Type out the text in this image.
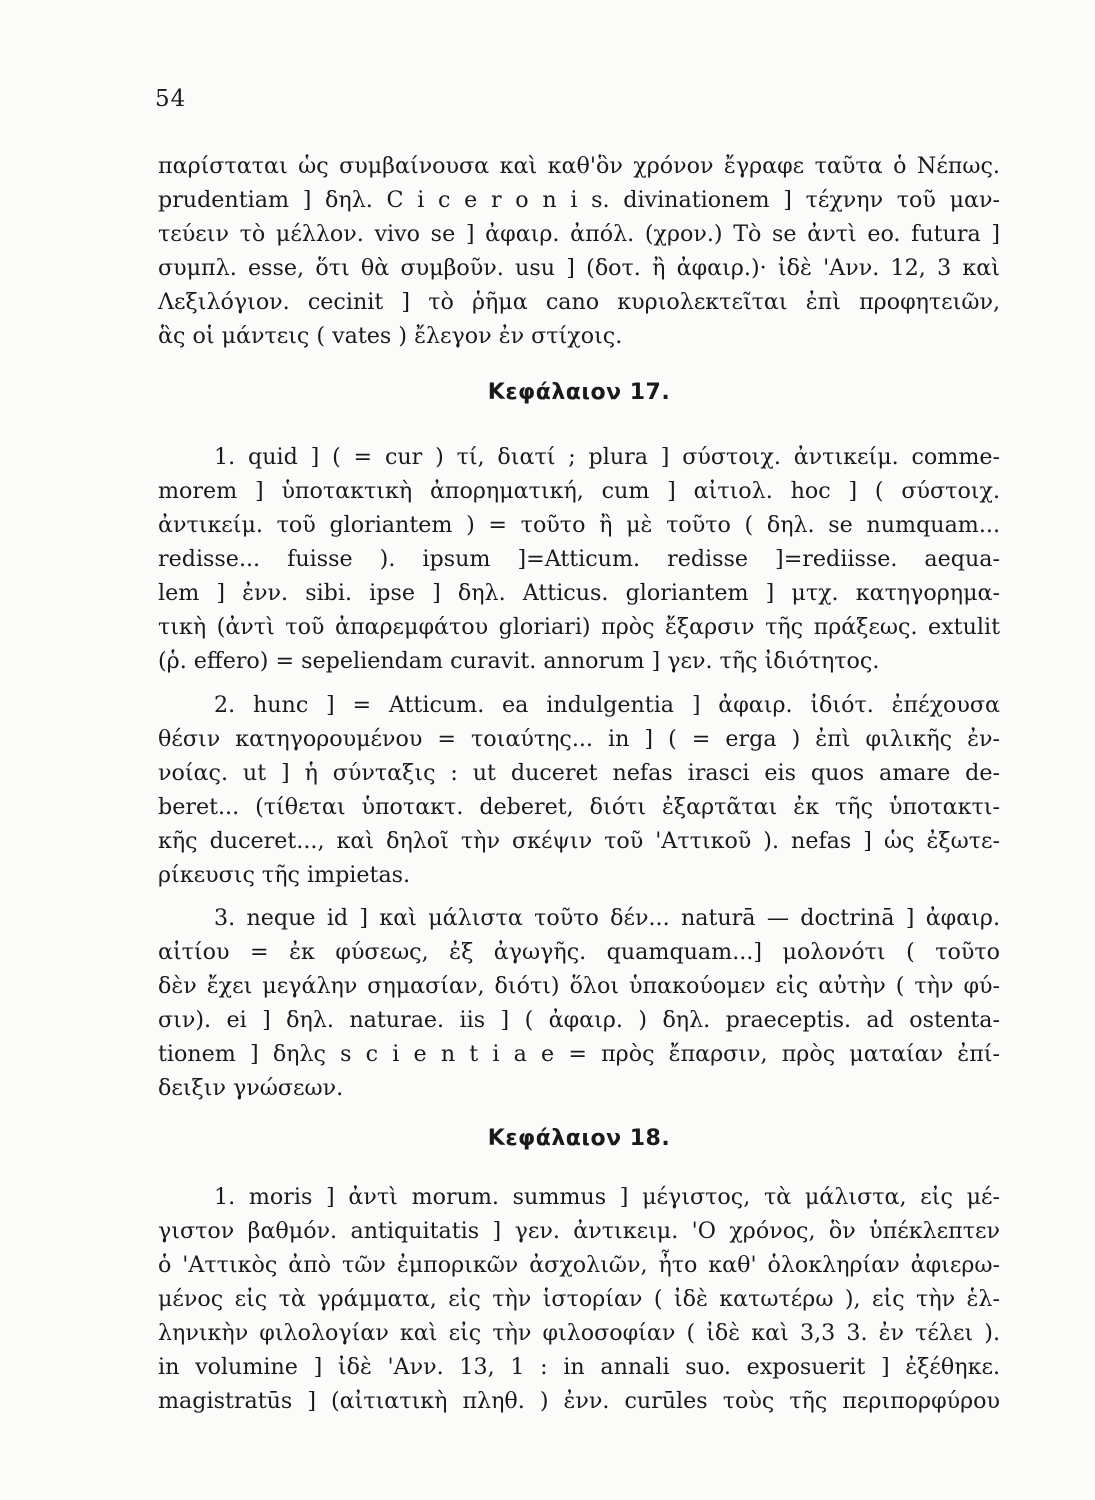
54
παρίσταται ὡς συμβαίνουσα καὶ καθ'ὃν χρόνον ἔγραφε ταῦτα ὁ Νέπως.
prudentiam ] δηλ. C i c e r o n i s. divinationem ] τέχνην τοῦ μαν-
τεύειν τὸ μέλλον. vivo se ] ἀφαιρ. ἀπόλ. (χρον.) Τὸ se ἀντὶ eo. futura ]
συμπλ. esse, ὅτι θὰ συμβοῦν. usu ] (δοτ. ἢ ἀφαιρ.)· ἰδὲ 'Ανν. 12, 3 καὶ
Λεξιλόγιον. cecinit ] τὸ ῥῆμα cano κυριολεκτεῖται ἐπὶ προφητειῶν,
ἃς οἱ μάντεις ( vates ) ἔλεγον ἐν στίχοις.
Κεφάλαιον 17.
1. quid ] ( = cur ) τί, διατί ; plura ] σύστοιχ. ἀντικείμ. comme-
morem ] ὑποτακτικὴ ἀπορηματική, cum ] αἰτιολ. hoc ] ( σύστοιχ.
ἀντικείμ. τοῦ gloriantem ) = τοῦτο ἢ μὲ τοῦτο ( δηλ. se numquam...
redisse... fuisse ). ipsum ]=Atticum. redisse ]=rediisse. aequa-
lem ] ἐνν. sibi. ipse ] δηλ. Atticus. gloriantem ] μτχ. κατηγορημα-
τικὴ (ἀντὶ τοῦ ἀπαρεμφάτου gloriari) πρὸς ἔξαρσιν τῆς πράξεως. extulit
(ῥ. effero) = sepeliendam curavit. annorum ] γεν. τῆς ἰδιότητος.
2. hunc ] = Atticum. ea indulgentia ] ἀφαιρ. ἰδιότ. ἐπέχουσα
θέσιν κατηγορουμένου = τοιαύτης... in ] ( = erga ) ἐπὶ φιλικῆς ἐν-
νοίας. ut ] ἡ σύνταξις : ut duceret nefas irasci eis quos amare de-
beret... (τίθεται ὑποτακτ. deberet, διότι ἐξαρτᾶται ἐκ τῆς ὑποτακτι-
κῆς duceret..., καὶ δηλοῖ τὴν σκέψιν τοῦ 'Αττικοῦ ). nefas ] ὡς ἐξωτε-
ρίκευσις τῆς impietas.
3. neque id ] καὶ μάλιστα τοῦτο δέν... naturā — doctrinā ] ἀφαιρ.
αἰτίου = ἐκ φύσεως, ἐξ ἀγωγῆς. quamquam...] μολονότι ( τοῦτο
δὲν ἔχει μεγάλην σημασίαν, διότι) ὅλοι ὑπακούομεν εἰς αὐτὴν ( τὴν φύ-
σιν). ei ] δηλ. naturae. iis ] ( ἀφαιρ. ) δηλ. praeceptis. ad ostenta-
tionem ] δηλς s c i e n t i a e = πρὸς ἔπαρσιν, πρὸς ματαίαν ἐπί-
δειξιν γνώσεων.
Κεφάλαιον 18.
1. moris ] ἀντὶ morum. summus ] μέγιστος, τὰ μάλιστα, εἰς μέ-
γιστον βαθμόν. antiquitatis ] γεν. ἀντικειμ. 'Ο χρόνος, ὃν ὑπέκλεπτεν
ὁ 'Αττικὸς ἀπὸ τῶν ἐμπορικῶν ἀσχολιῶν, ἦτο καθ' ὁλοκληρίαν ἀφιερω-
μένος εἰς τὰ γράμματα, εἰς τὴν ἱστορίαν ( ἰδὲ κατωτέρω ), εἰς τὴν ἑλ-
ληνικὴν φιλολογίαν καὶ εἰς τὴν φιλοσοφίαν ( ἰδὲ καὶ 3,3 3. ἐν τέλει ).
in volumine ] ἰδὲ 'Ανν. 13, 1 : in annali suo. exposuerit ] ἐξέθηκε.
magistratūs ] (αἰτιατικὴ πληθ. ) ἐνν. curūles τοὺς τῆς περιπορφύρου
